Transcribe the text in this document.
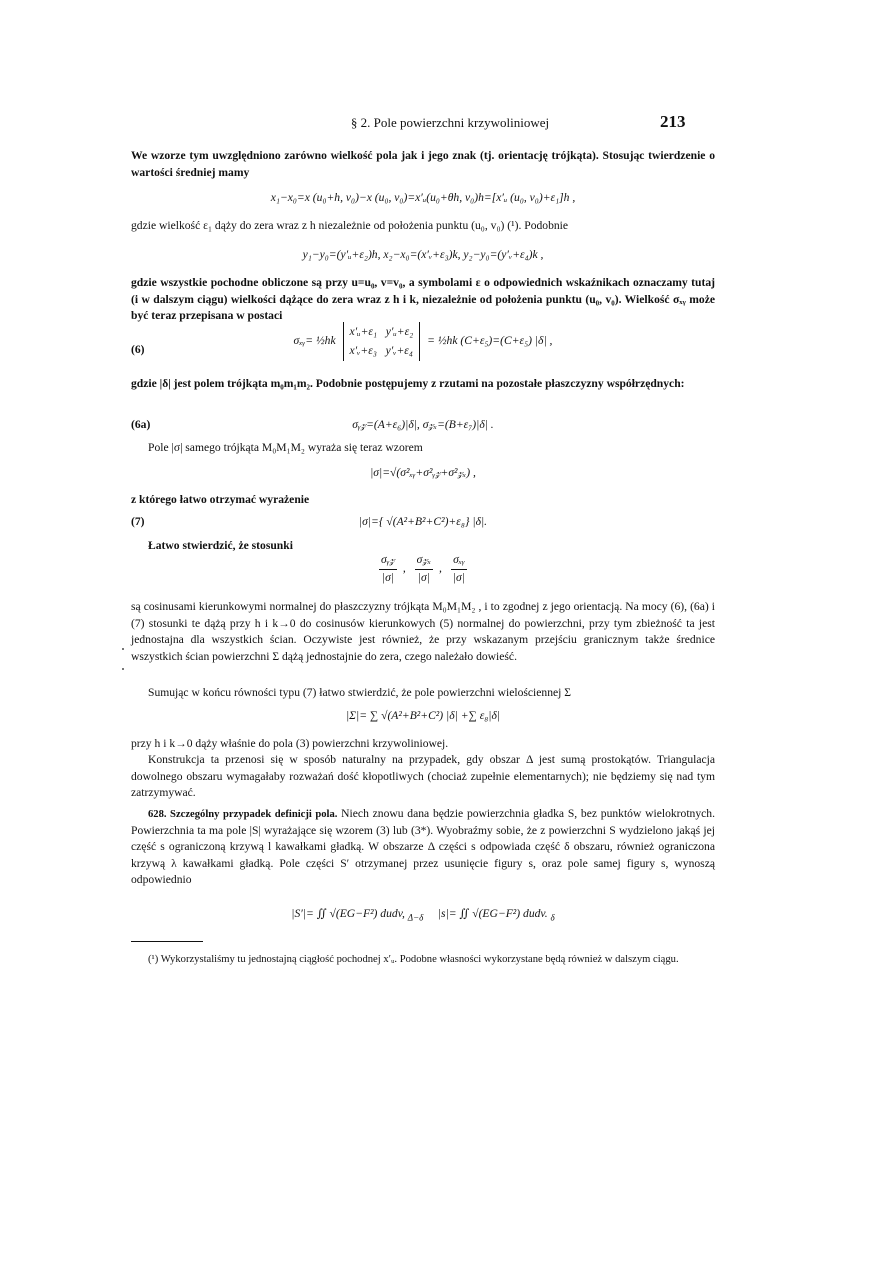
§ 2. Pole powierzchni krzywoliniowej	213
We wzorze tym uwzględniono zarówno wielkość pola jak i jego znak (tj. orientację trójkąta). Stosując twierdzenie o wartości średniej mamy
x₁−x₀=x (u₀+h, v₀)−x (u₀, v₀)=x′ᵤ(u₀+θh, v₀)h=[x′ᵤ (u₀, v₀)+ε₁]h ,
gdzie wielkość ε₁ dąży do zera wraz z h niezależnie od położenia punktu (u₀, v₀) (¹). Podobnie
y₁−y₀=(y′ᵤ+ε₂)h, x₂−x₀=(x′ᵥ+ε₃)k, y₂−y₀=(y′ᵥ+ε₄)k ,
gdzie wszystkie pochodne obliczone są przy u=u₀, v=v₀, a symbolami ε o odpowiednich wskaźnikach oznaczamy tutaj (i w dalszym ciągu) wielkości dążące do zera wraz z h i k, niezależnie od położenia punktu (u₀, v₀). Wielkość σₓᵧ może być teraz przepisana w postaci
(6)
σₓᵧ= ½hk x′ᵤ+ε₁ y′ᵤ+ε₂
x′ᵥ+ε₃ y′ᵥ+ε₄ = ½hk (C+ε₅)=(C+ε₅) |δ| ,
gdzie |δ| jest polem trójkąta m₀m₁m₂. Podobnie postępujemy z rzutami na pozostałe płaszczyzny współrzędnych:
(6a)	σᵧ𝓏=(A+ε₆)|δ|, σ𝓏ₓ=(B+ε₇)|δ| .
Pole |σ| samego trójkąta M₀M₁M₂ wyraża się teraz wzorem
|σ|=√(σ²ₓᵧ+σ²ᵧ𝓏+σ²𝓏ₓ) ,
z którego łatwo otrzymać wyrażenie
(7)	|σ|={ √(A²+B²+C²)+ε₈} |δ|.
Łatwo stwierdzić, że stosunki
$\frac{\text{σᵧ𝓏}}{|\sigma|}$ , $\frac{\text{σ𝓏ₓ}}{|\sigma|}$ , $\frac{\text{σₓᵧ}}{|\sigma|}$
są cosinusami kierunkowymi normalnej do płaszczyzny trójkąta M₀M₁M₂ , i to zgodnej z jego orientacją. Na mocy (6), (6a) i (7) stosunki te dążą przy h i k→0 do cosinusów kierunkowych (5) normalnej do powierzchni, przy tym zbieżność ta jest jednostajna dla wszystkich ścian. Oczywiste jest również, że przy wskazanym przejściu granicznym także średnice wszystkich ścian powierzchni Σ dążą jednostajnie do zera, czego należało dowieść.
Sumując w końcu równości typu (7) łatwo stwierdzić, że pole powierzchni wielościennej Σ
|Σ|= ∑ √(A²+B²+C²) |δ| +∑ ε₈|δ|
przy h i k→0 dąży właśnie do pola (3) powierzchni krzywoliniowej.
Konstrukcja ta przenosi się w sposób naturalny na przypadek, gdy obszar Δ jest sumą prostokątów. Triangulacja dowolnego obszaru wymagałaby rozważań dość kłopotliwych (chociaż zupełnie elementarnych); nie będziemy się nad tym zatrzymywać.
628. Szczególny przypadek definicji pola. Niech znowu dana będzie powierzchnia gładka S, bez punktów wielokrotnych. Powierzchnia ta ma pole |S| wyrażające się wzorem (3) lub (3*). Wyobraźmy sobie, że z powierzchni S wydzielono jakąś jej część s ograniczoną krzywą l kawałkami gładką. W obszarze Δ części s odpowiada część δ obszaru, również ograniczona krzywą λ kawałkami gładką. Pole części S′ otrzymanej przez usunięcie figury s, oraz pole samej figury s, wynoszą odpowiednio
|S′|= ∬ √(EG−F²) dudv, $_{\Delta-\delta}$ |s|= ∬ √(EG−F²) dudv. $_\delta$
(¹) Wykorzystaliśmy tu jednostajną ciągłość pochodnej x′ᵤ. Podobne własności wykorzystane będą również w dalszym ciągu.
